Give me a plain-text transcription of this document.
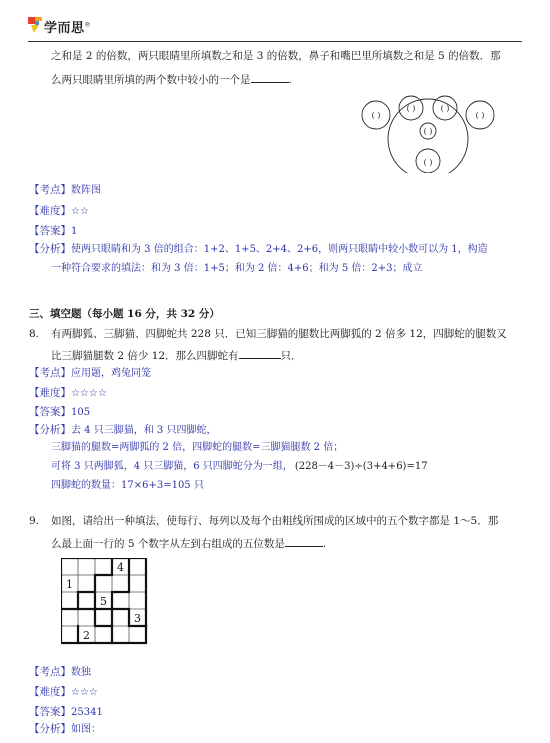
学而思®
之和是 2 的倍数，两只眼睛里所填数之和是 3 的倍数，鼻子和嘴巴里所填数之和是 5 的倍数．那
么两只眼睛里所填的两个数中较小的一个是	.
( )	( )
( )	( )
( )
( )
【考点】数阵图
【难度】☆☆
【答案】1
【分析】使两只眼睛和为 3 倍的组合：1+2、1+5、2+4、2+6，则两只眼睛中较小数可以为 1，构造
一种符合要求的填法：和为 3 倍：1+5；和为 2 倍：4+6；和为 5 倍：2+3；成立
三、填空题（每小题 16 分，共 32 分）
8. 有两脚狐、三脚猫、四脚蛇共 228 只．已知三脚猫的腿数比两脚狐的 2 倍多 12，四脚蛇的腿数又
比三脚猫腿数 2 倍少 12．那么四脚蛇有	只．
【考点】应用题，鸡兔同笼
【难度】☆☆☆☆
【答案】105
【分析】去 4 只三脚猫，和 3 只四脚蛇，
三脚猫的腿数=两脚狐的 2 倍，四脚蛇的腿数=三脚猫腿数 2 倍；
可将 3 只两脚狐，4 只三脚猫，6 只四脚蛇分为一组， (228－4－3)÷(3+4+6)=17
四脚蛇的数量：17×6+3=105 只
9. 如图，请给出一种填法，使每行、每列以及每个由粗线所围成的区域中的五个数字都是 1～5．那
么最上面一行的 5 个数字从左到右组成的五位数是	.
4
1
5
3
2
【考点】数独
【难度】☆☆☆
【答案】25341
【分析】如图：
